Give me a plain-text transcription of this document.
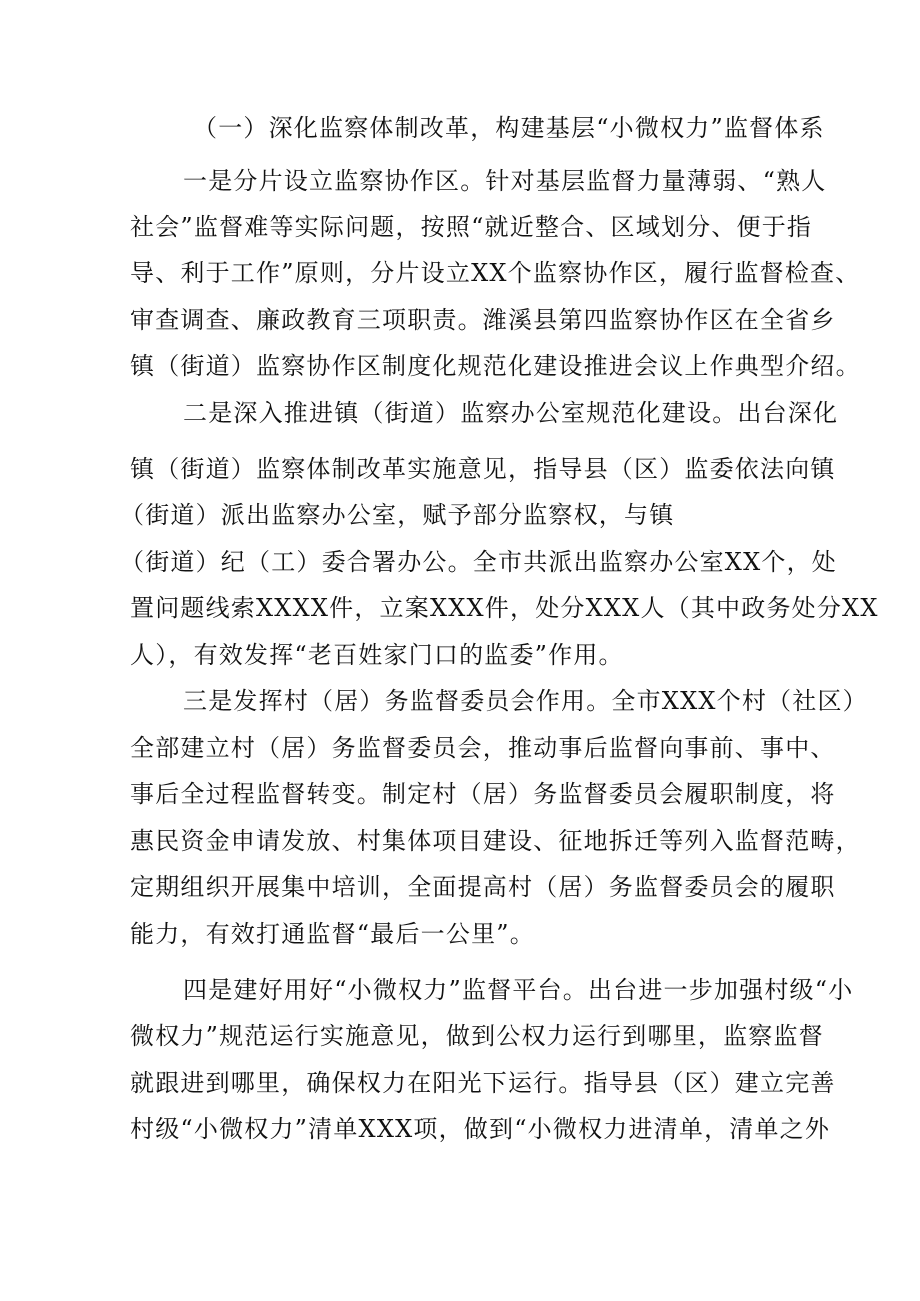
（一）深化监察体制改革，构建基层“小微权力”监督体系
一是分片设立监察协作区。针对基层监督力量薄弱、“熟人
社会”监督难等实际问题，按照“就近整合、区域划分、便于指
导、利于工作”原则，分片设立XX个监察协作区，履行监督检查、
审查调查、廉政教育三项职责。潍溪县第四监察协作区在全省乡
镇（街道）监察协作区制度化规范化建设推进会议上作典型介绍。
二是深入推进镇（街道）监察办公室规范化建设。出台深化
镇（街道）监察体制改革实施意见，指导县（区）监委依法向镇
（街道）派出监察办公室，赋予部分监察权，与镇
（街道）纪（工）委合署办公。全市共派出监察办公室XX个，处
置问题线索XXXX件，立案XXX件，处分XXX人（其中政务处分XX
人），有效发挥“老百姓家门口的监委”作用。
三是发挥村（居）务监督委员会作用。全市XXX个村（社区）
全部建立村（居）务监督委员会，推动事后监督向事前、事中、
事后全过程监督转变。制定村（居）务监督委员会履职制度，将
惠民资金申请发放、村集体项目建设、征地拆迁等列入监督范畴，
定期组织开展集中培训，全面提高村（居）务监督委员会的履职
能力，有效打通监督“最后一公里”。
四是建好用好“小微权力”监督平台。出台进一步加强村级“小
微权力”规范运行实施意见，做到公权力运行到哪里，监察监督
就跟进到哪里，确保权力在阳光下运行。指导县（区）建立完善
村级“小微权力”清单XXX项，做到“小微权力进清单，清单之外
